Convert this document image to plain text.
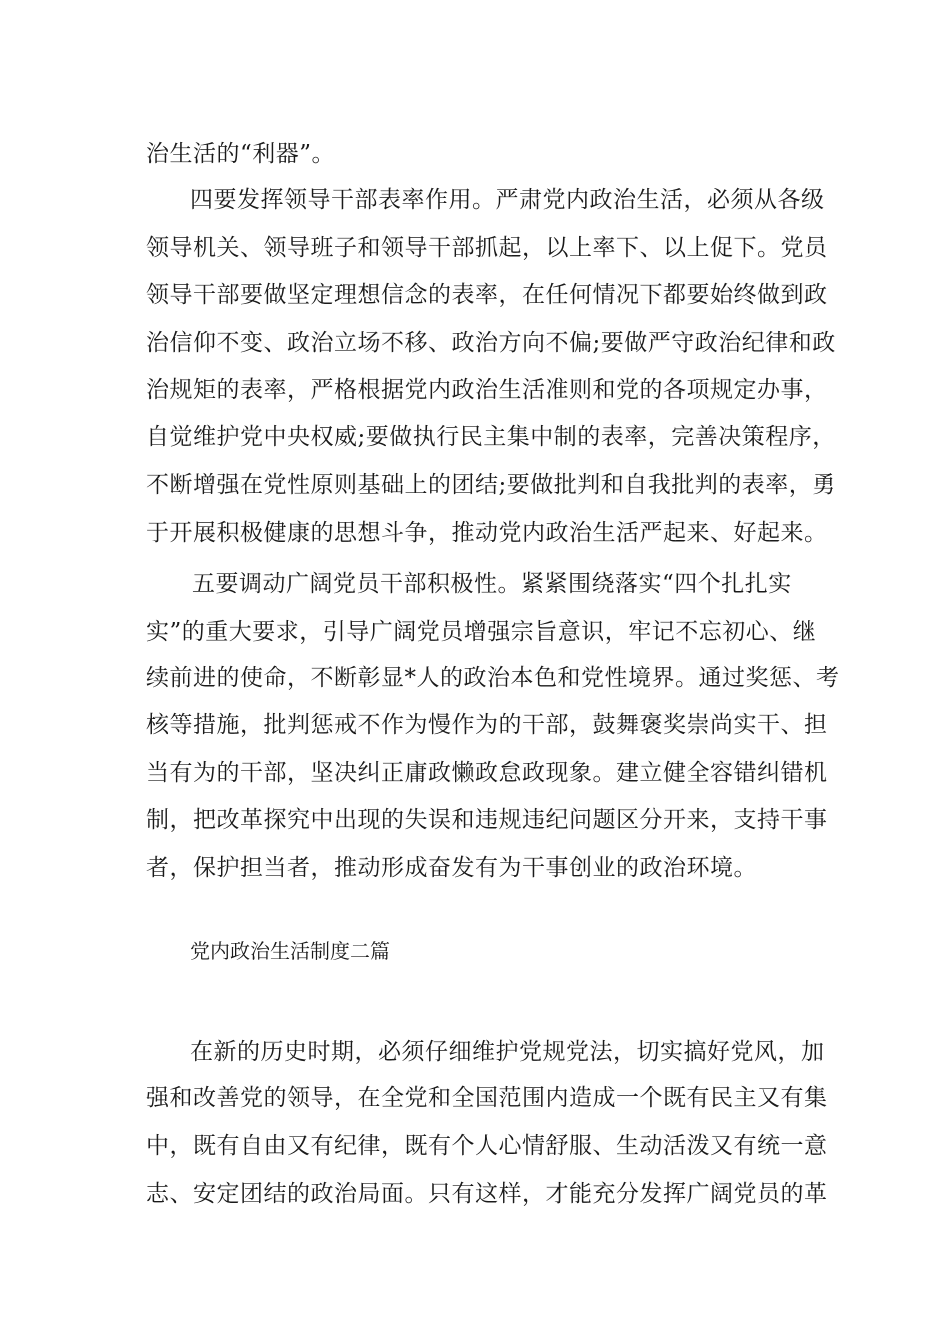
治生活的“利器”。
四要发挥领导干部表率作用。严肃党内政治生活，必须从各级
领导机关、领导班子和领导干部抓起，以上率下、以上促下。党员
领导干部要做坚定理想信念的表率，在任何情况下都要始终做到政
治信仰不变、政治立场不移、政治方向不偏;要做严守政治纪律和政
治规矩的表率，严格根据党内政治生活准则和党的各项规定办事，
自觉维护党中央权威;要做执行民主集中制的表率，完善决策程序，
不断增强在党性原则基础上的团结;要做批判和自我批判的表率，勇
于开展积极健康的思想斗争，推动党内政治生活严起来、好起来。
五要调动广阔党员干部积极性。紧紧围绕落实“四个扎扎实
实”的重大要求，引导广阔党员增强宗旨意识，牢记不忘初心、继
续前进的使命，不断彰显*人的政治本色和党性境界。通过奖惩、考
核等措施，批判惩戒不作为慢作为的干部，鼓舞褒奖崇尚实干、担
当有为的干部，坚决纠正庸政懒政怠政现象。建立健全容错纠错机
制，把改革探究中出现的失误和违规违纪问题区分开来，支持干事
者，保护担当者，推动形成奋发有为干事创业的政治环境。
党内政治生活制度二篇
在新的历史时期，必须仔细维护党规党法，切实搞好党风，加
强和改善党的领导，在全党和全国范围内造成一个既有民主又有集
中，既有自由又有纪律，既有个人心情舒服、生动活泼又有统一意
志、安定团结的政治局面。只有这样，才能充分发挥广阔党员的革
